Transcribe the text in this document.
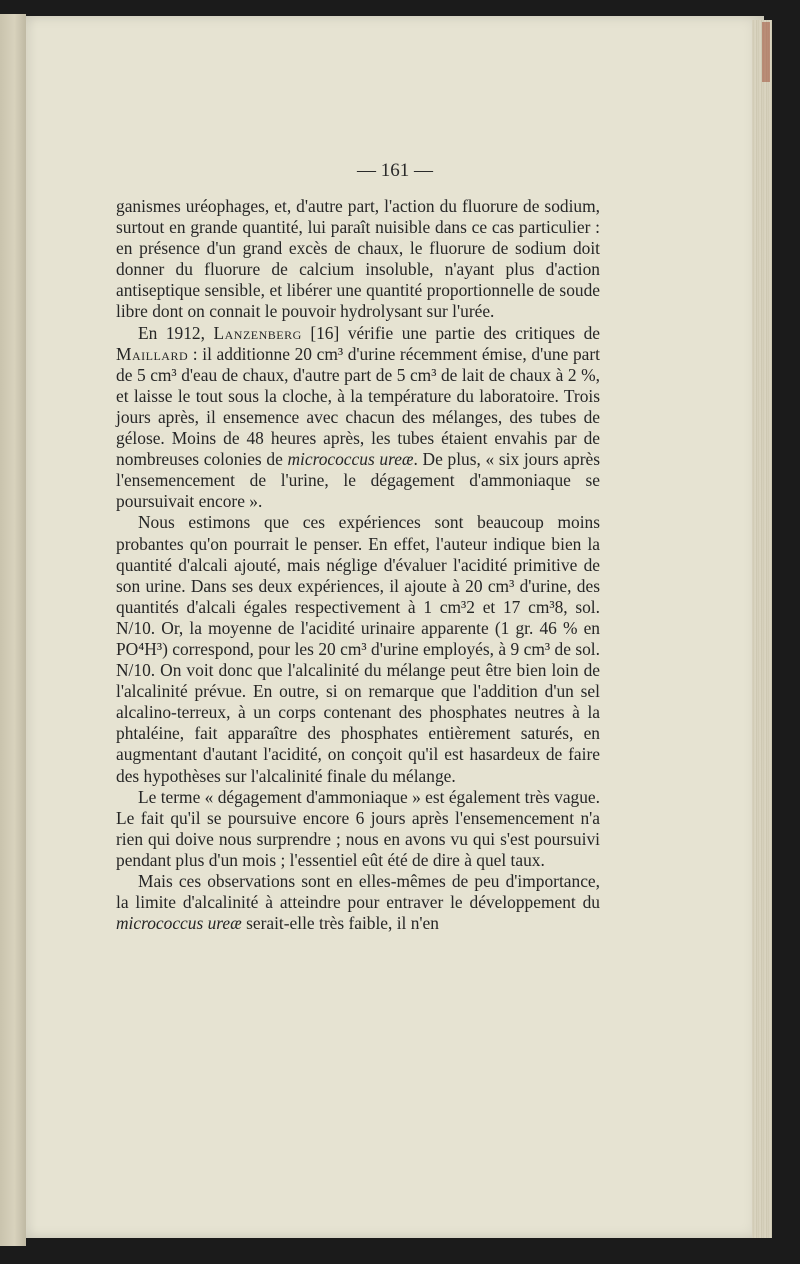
— 161 —

ganismes uréophages, et, d'autre part, l'action du fluorure de sodium, surtout en grande quantité, lui paraît nuisible dans ce cas particulier : en présence d'un grand excès de chaux, le fluorure de sodium doit donner du fluorure de calcium insoluble, n'ayant plus d'action antiseptique sensible, et libérer une quantité proportionnelle de soude libre dont on connait le pouvoir hydrolysant sur l'urée.

En 1912, Lanzenberg [16] vérifie une partie des critiques de Maillard : il additionne 20 cm³ d'urine récemment émise, d'une part de 5 cm³ d'eau de chaux, d'autre part de 5 cm³ de lait de chaux à 2 %, et laisse le tout sous la cloche, à la température du laboratoire. Trois jours après, il ensemence avec chacun des mélanges, des tubes de gélose. Moins de 48 heures après, les tubes étaient envahis par de nombreuses colonies de micrococcus ureæ. De plus, « six jours après l'ensemencement de l'urine, le dégagement d'ammoniaque se poursuivait encore ».

Nous estimons que ces expériences sont beaucoup moins probantes qu'on pourrait le penser. En effet, l'auteur indique bien la quantité d'alcali ajouté, mais néglige d'évaluer l'acidité primitive de son urine. Dans ses deux expériences, il ajoute à 20 cm³ d'urine, des quantités d'alcali égales respectivement à 1 cm³2 et 17 cm³8, sol. N/10. Or, la moyenne de l'acidité urinaire apparente (1 gr. 46 % en PO⁴H³) correspond, pour les 20 cm³ d'urine employés, à 9 cm³ de sol. N/10. On voit donc que l'alcalinité du mélange peut être bien loin de l'alcalinité prévue. En outre, si on remarque que l'addition d'un sel alcalino-terreux, à un corps contenant des phosphates neutres à la phtaléine, fait apparaître des phosphates entièrement saturés, en augmentant d'autant l'acidité, on conçoit qu'il est hasardeux de faire des hypothèses sur l'alcalinité finale du mélange.

Le terme « dégagement d'ammoniaque » est également très vague. Le fait qu'il se poursuive encore 6 jours après l'ensemencement n'a rien qui doive nous surprendre ; nous en avons vu qui s'est poursuivi pendant plus d'un mois ; l'essentiel eût été de dire à quel taux.

Mais ces observations sont en elles-mêmes de peu d'importance, la limite d'alcalinité à atteindre pour entraver le développement du micrococcus ureæ serait-elle très faible, il n'en
